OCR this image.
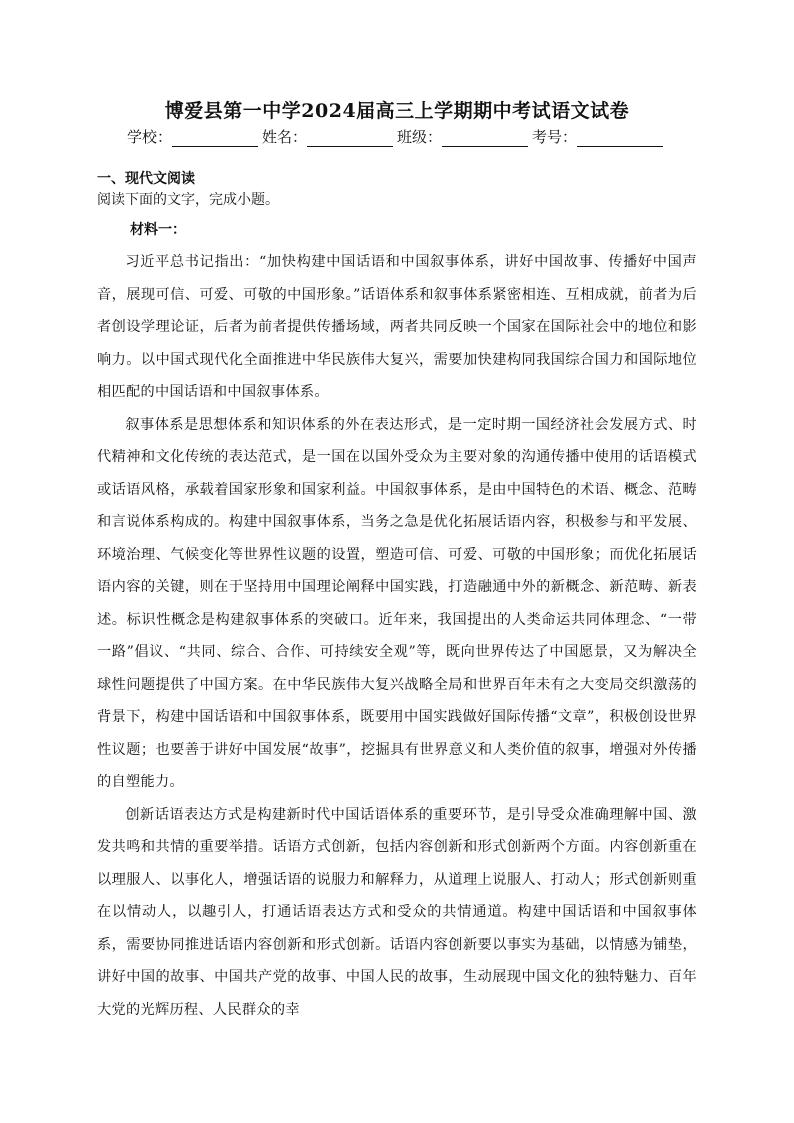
博爱县第一中学2024届高三上学期期中考试语文试卷
学校：	姓名：	班级：	考号：
一、现代文阅读
阅读下面的文字，完成小题。
材料一：

习近平总书记指出：“加快构建中国话语和中国叙事体系，讲好中国故事、传播好中国声音，展现可信、可爱、可敬的中国形象。”话语体系和叙事体系紧密相连、互相成就，前者为后者创设学理论证，后者为前者提供传播场域，两者共同反映一个国家在国际社会中的地位和影响力。以中国式现代化全面推进中华民族伟大复兴，需要加快建构同我国综合国力和国际地位相匹配的中国话语和中国叙事体系。

叙事体系是思想体系和知识体系的外在表达形式，是一定时期一国经济社会发展方式、时代精神和文化传统的表达范式，是一国在以国外受众为主要对象的沟通传播中使用的话语模式或话语风格，承载着国家形象和国家利益。中国叙事体系，是由中国特色的术语、概念、范畴和言说体系构成的。构建中国叙事体系，当务之急是优化拓展话语内容，积极参与和平发展、环境治理、气候变化等世界性议题的设置，塑造可信、可爱、可敬的中国形象；而优化拓展话语内容的关键，则在于坚持用中国理论阐释中国实践，打造融通中外的新概念、新范畴、新表述。标识性概念是构建叙事体系的突破口。近年来，我国提出的人类命运共同体理念、“一带一路”倡议、“共同、综合、合作、可持续安全观”等，既向世界传达了中国愿景，又为解决全球性问题提供了中国方案。在中华民族伟大复兴战略全局和世界百年未有之大变局交织激荡的背景下，构建中国话语和中国叙事体系，既要用中国实践做好国际传播“文章”，积极创设世界性议题；也要善于讲好中国发展“故事”，挖掘具有世界意义和人类价值的叙事，增强对外传播的自塑能力。

创新话语表达方式是构建新时代中国话语体系的重要环节，是引导受众准确理解中国、激发共鸣和共情的重要举措。话语方式创新，包括内容创新和形式创新两个方面。内容创新重在以理服人、以事化人，增强话语的说服力和解释力，从道理上说服人、打动人；形式创新则重在以情动人，以趣引人，打通话语表达方式和受众的共情通道。构建中国话语和中国叙事体系，需要协同推进话语内容创新和形式创新。话语内容创新要以事实为基础，以情感为铺垫，讲好中国的故事、中国共产党的故事、中国人民的故事，生动展现中国文化的独特魅力、百年大党的光辉历程、人民群众的幸
